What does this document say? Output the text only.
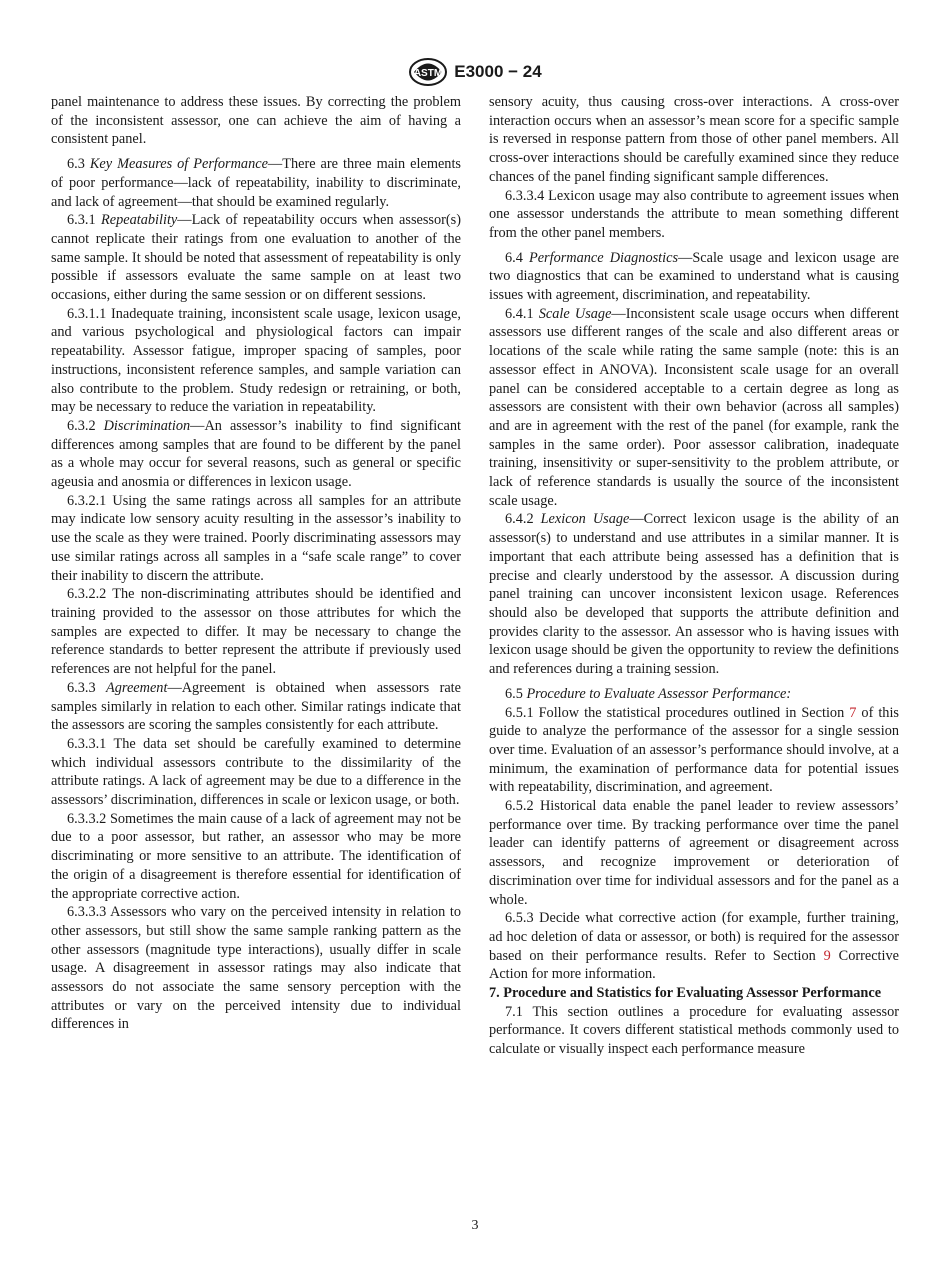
ASTM E3000 − 24

panel maintenance to address these issues. By correcting the problem of the inconsistent assessor, one can achieve the aim of having a consistent panel.

6.3 Key Measures of Performance—There are three main elements of poor performance—lack of repeatability, inability to discriminate, and lack of agreement—that should be examined regularly.

6.3.1 Repeatability—Lack of repeatability occurs when assessor(s) cannot replicate their ratings from one evaluation to another of the same sample. It should be noted that assessment of repeatability is only possible if assessors evaluate the same sample on at least two occasions, either during the same session or on different sessions.

6.3.1.1 Inadequate training, inconsistent scale usage, lexicon usage, and various psychological and physiological factors can impair repeatability. Assessor fatigue, improper spacing of samples, poor instructions, inconsistent reference samples, and sample variation can also contribute to the problem. Study redesign or retraining, or both, may be necessary to reduce the variation in repeatability.

6.3.2 Discrimination—An assessor’s inability to find significant differences among samples that are found to be different by the panel as a whole may occur for several reasons, such as general or specific ageusia and anosmia or differences in lexicon usage.

6.3.2.1 Using the same ratings across all samples for an attribute may indicate low sensory acuity resulting in the assessor’s inability to use the scale as they were trained. Poorly discriminating assessors may use similar ratings across all samples in a “safe scale range” to cover their inability to discern the attribute.

6.3.2.2 The non-discriminating attributes should be identified and training provided to the assessor on those attributes for which the samples are expected to differ. It may be necessary to change the reference standards to better represent the attribute if previously used references are not helpful for the panel.

6.3.3 Agreement—Agreement is obtained when assessors rate samples similarly in relation to each other. Similar ratings indicate that the assessors are scoring the samples consistently for each attribute.

6.3.3.1 The data set should be carefully examined to determine which individual assessors contribute to the dissimilarity of the attribute ratings. A lack of agreement may be due to a difference in the assessors’ discrimination, differences in scale or lexicon usage, or both.

6.3.3.2 Sometimes the main cause of a lack of agreement may not be due to a poor assessor, but rather, an assessor who may be more discriminating or more sensitive to an attribute. The identification of the origin of a disagreement is therefore essential for identification of the appropriate corrective action.

6.3.3.3 Assessors who vary on the perceived intensity in relation to other assessors, but still show the same sample ranking pattern as the other assessors (magnitude type interactions), usually differ in scale usage. A disagreement in assessor ratings may also indicate that assessors do not associate the same sensory perception with the attributes or vary on the perceived intensity due to individual differences in

sensory acuity, thus causing cross-over interactions. A cross-over interaction occurs when an assessor’s mean score for a specific sample is reversed in response pattern from those of other panel members. All cross-over interactions should be carefully examined since they reduce chances of the panel finding significant sample differences.

6.3.3.4 Lexicon usage may also contribute to agreement issues when one assessor understands the attribute to mean something different from the other panel members.

6.4 Performance Diagnostics—Scale usage and lexicon usage are two diagnostics that can be examined to understand what is causing issues with agreement, discrimination, and repeatability.

6.4.1 Scale Usage—Inconsistent scale usage occurs when different assessors use different ranges of the scale and also different areas or locations of the scale while rating the same sample (note: this is an assessor effect in ANOVA). Inconsistent scale usage for an overall panel can be considered acceptable to a certain degree as long as assessors are consistent with their own behavior (across all samples) and are in agreement with the rest of the panel (for example, rank the samples in the same order). Poor assessor calibration, inadequate training, insensitivity or super-sensitivity to the problem attribute, or lack of reference standards is usually the source of the inconsistent scale usage.

6.4.2 Lexicon Usage—Correct lexicon usage is the ability of an assessor(s) to understand and use attributes in a similar manner. It is important that each attribute being assessed has a definition that is precise and clearly understood by the assessor. A discussion during panel training can uncover inconsistent lexicon usage. References should also be developed that supports the attribute definition and provides clarity to the assessor. An assessor who is having issues with lexicon usage should be given the opportunity to review the definitions and references during a training session.

6.5 Procedure to Evaluate Assessor Performance:

6.5.1 Follow the statistical procedures outlined in Section 7 of this guide to analyze the performance of the assessor for a single session over time. Evaluation of an assessor’s performance should involve, at a minimum, the examination of performance data for potential issues with repeatability, discrimination, and agreement.

6.5.2 Historical data enable the panel leader to review assessors’ performance over time. By tracking performance over time the panel leader can identify patterns of agreement or disagreement across assessors, and recognize improvement or deterioration of discrimination over time for individual assessors and for the panel as a whole.

6.5.3 Decide what corrective action (for example, further training, ad hoc deletion of data or assessor, or both) is required for the assessor based on their performance results. Refer to Section 9 Corrective Action for more information.

7. Procedure and Statistics for Evaluating Assessor Performance

7.1 This section outlines a procedure for evaluating assessor performance. It covers different statistical methods commonly used to calculate or visually inspect each performance measure

3
